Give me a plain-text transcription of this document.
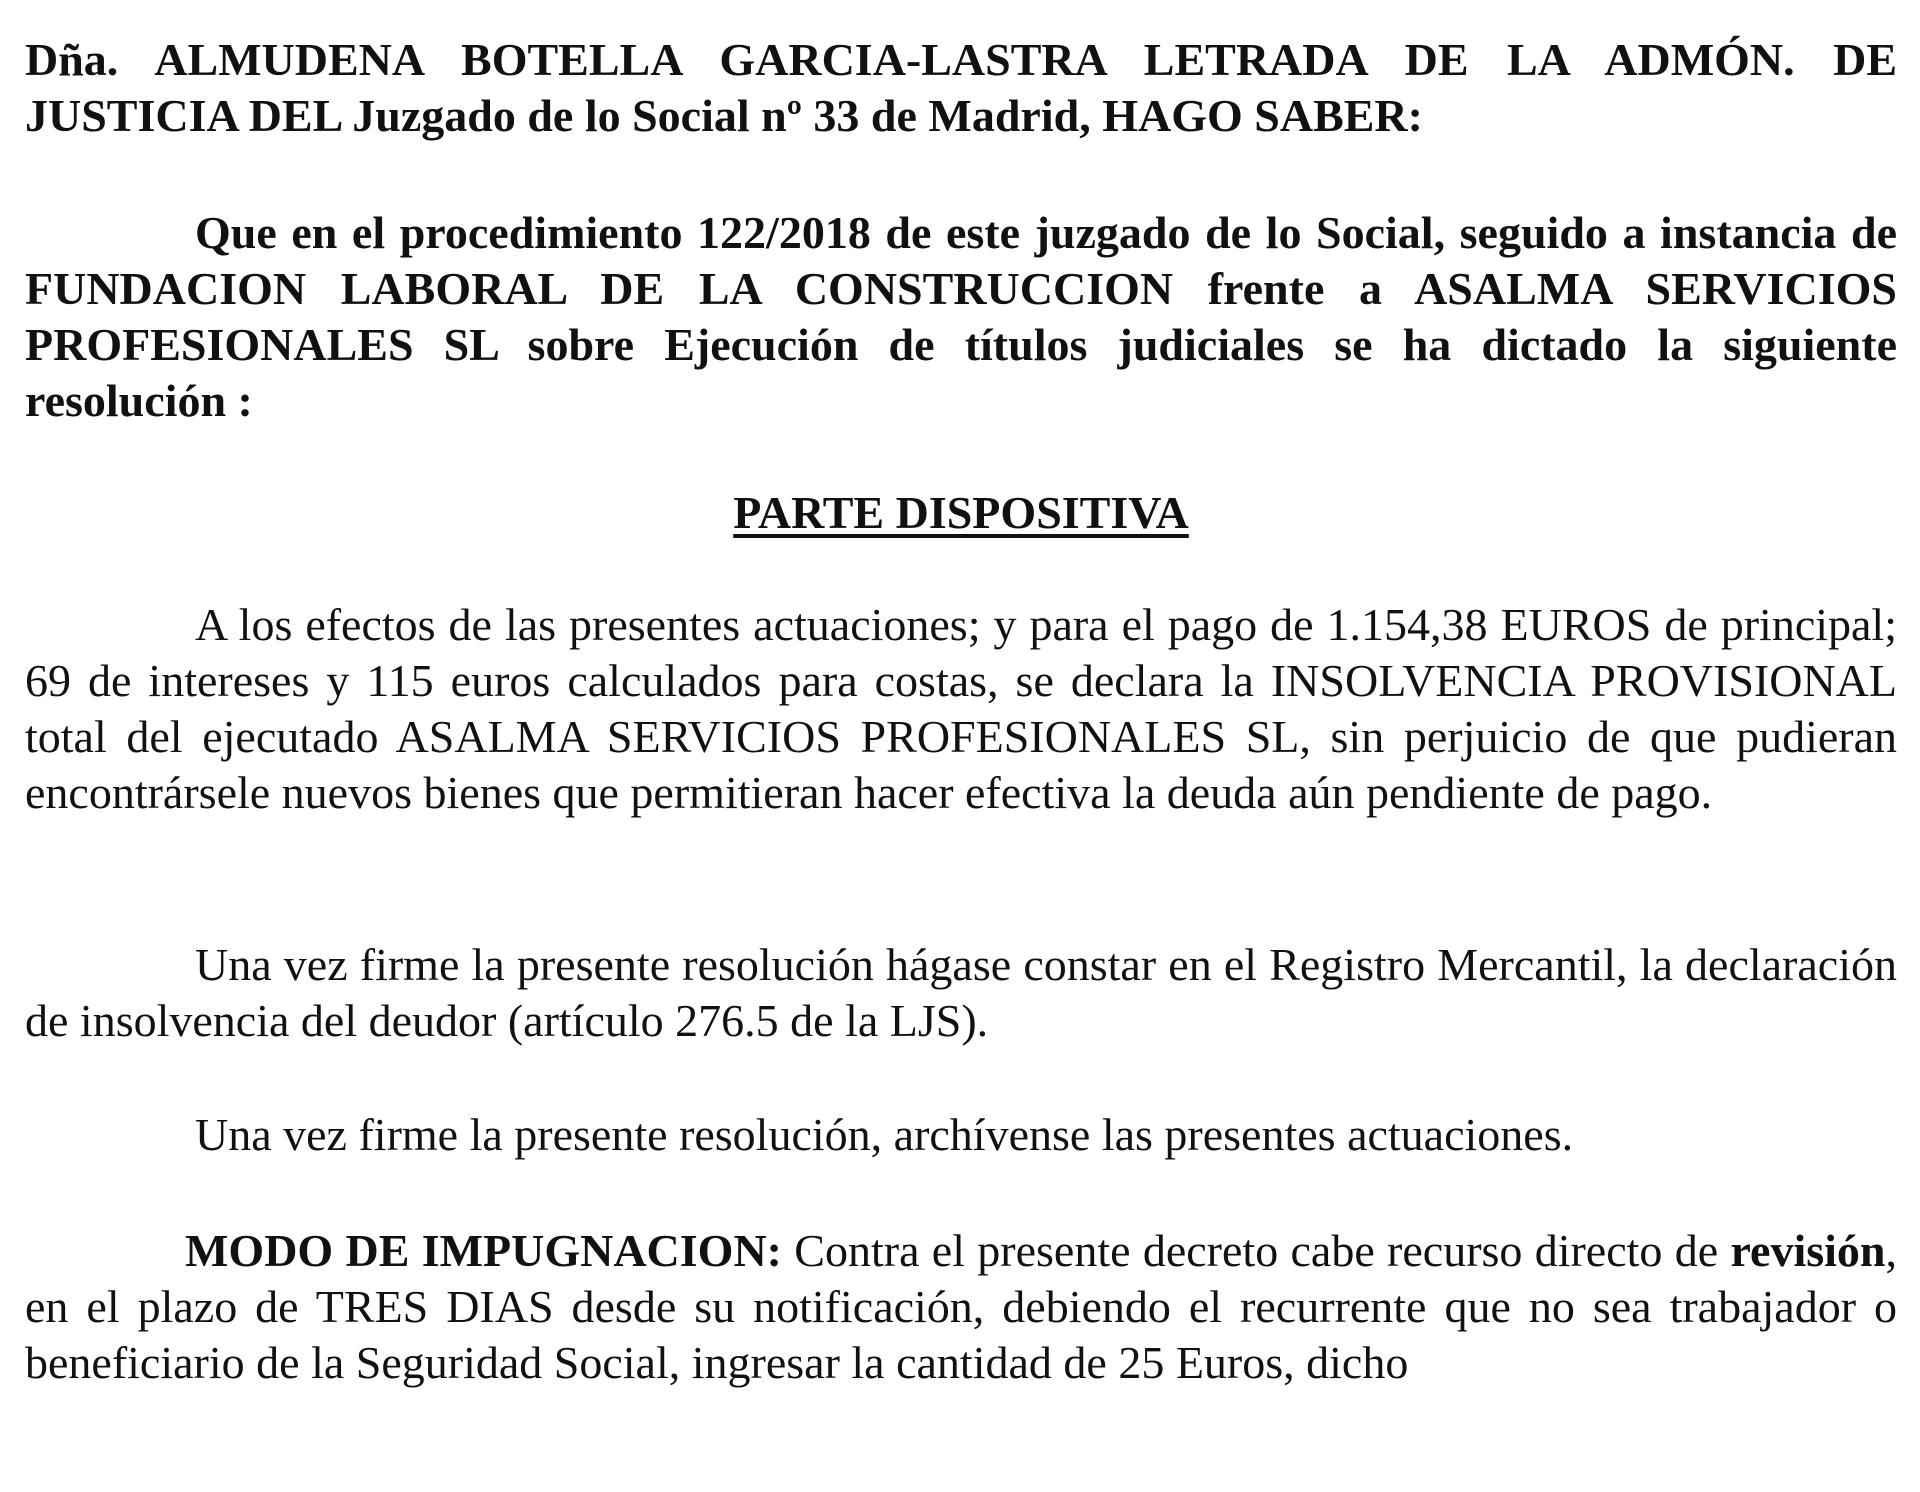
Dña. ALMUDENA BOTELLA GARCIA-LASTRA LETRADA DE LA ADMÓN. DE JUSTICIA DEL Juzgado de lo Social nº 33 de Madrid, HAGO SABER:

Que en el procedimiento 122/2018 de este juzgado de lo Social, seguido a instancia de FUNDACION LABORAL DE LA CONSTRUCCION frente a ASALMA SERVICIOS PROFESIONALES SL sobre Ejecución de títulos judiciales se ha dictado la siguiente resolución :

PARTE DISPOSITIVA

A los efectos de las presentes actuaciones; y para el pago de 1.154,38 EUROS de principal; 69 de intereses y 115 euros calculados para costas, se declara la INSOLVENCIA PROVISIONAL total del ejecutado ASALMA SERVICIOS PROFESIONALES SL, sin perjuicio de que pudieran encontrársele nuevos bienes que permitieran hacer efectiva la deuda aún pendiente de pago.

Una vez firme la presente resolución hágase constar en el Registro Mercantil, la declaración de insolvencia del deudor (artículo 276.5 de la LJS).

Una vez firme la presente resolución, archívense las presentes actuaciones.

MODO DE IMPUGNACION: Contra el presente decreto cabe recurso directo de revisión, en el plazo de TRES DIAS desde su notificación, debiendo el recurrente que no sea trabajador o beneficiario de la Seguridad Social, ingresar la cantidad de 25 Euros, dicho
